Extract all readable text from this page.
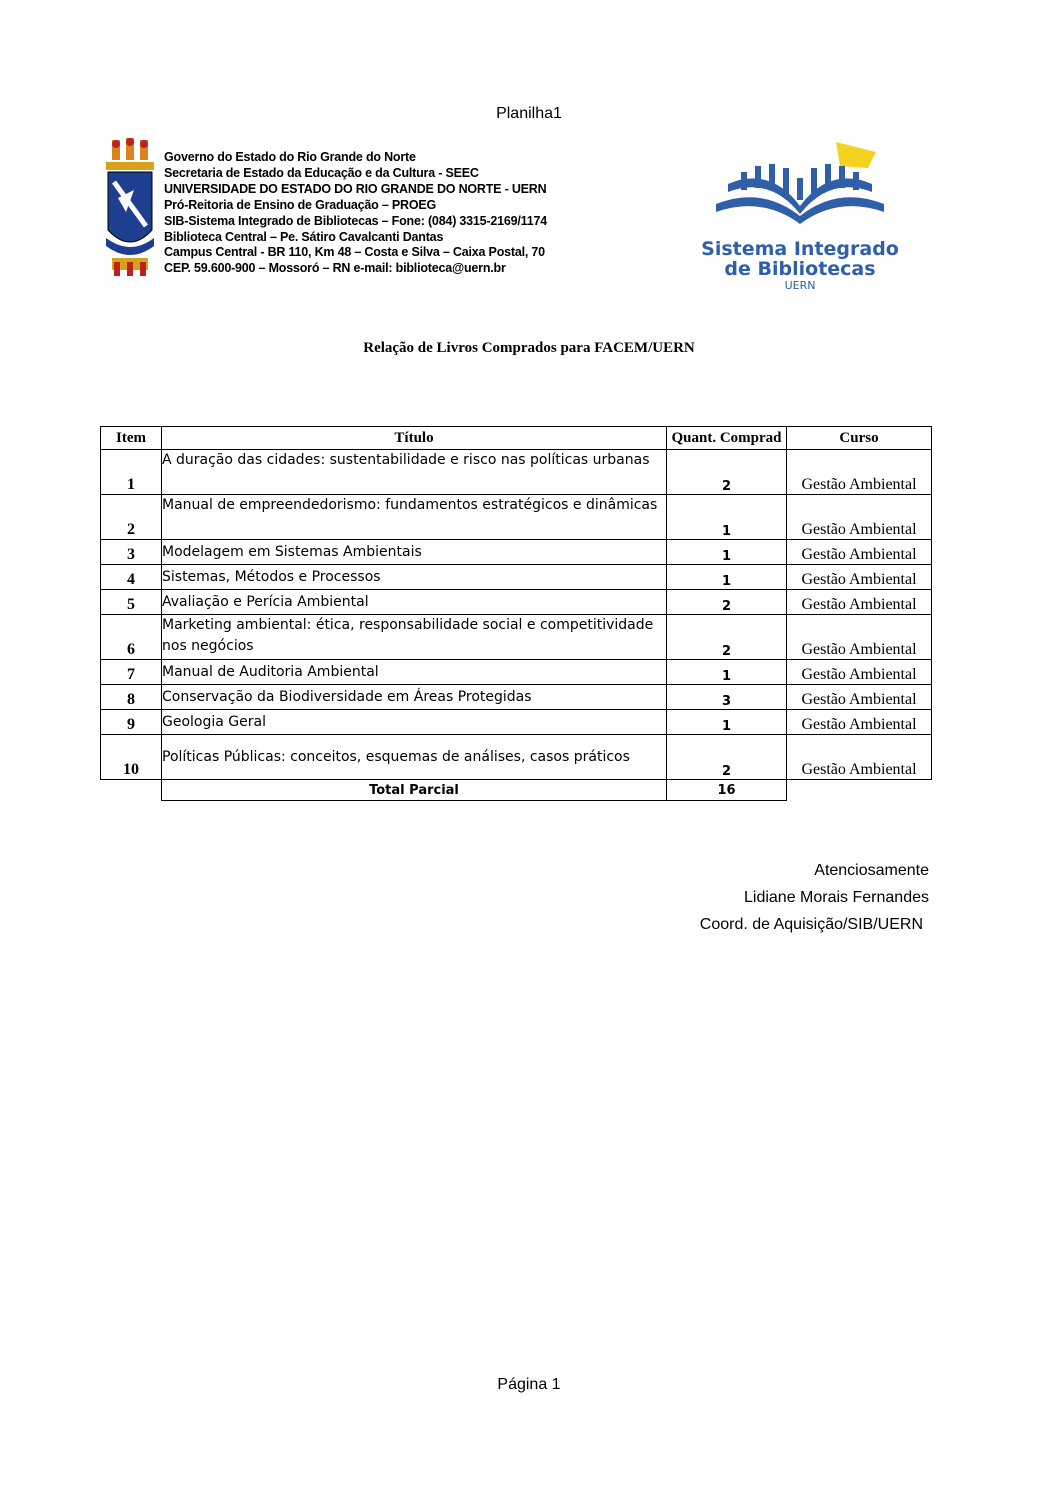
Planilha1
Governo do Estado do Rio Grande do Norte
Secretaria de Estado da Educação e da Cultura - SEEC
UNIVERSIDADE DO ESTADO DO RIO GRANDE DO NORTE - UERN
Pró-Reitoria de Ensino de Graduação – PROEG
SIB-Sistema Integrado de Bibliotecas – Fone: (084) 3315-2169/1174
Biblioteca Central – Pe. Sátiro Cavalcanti Dantas
Campus Central - BR 110, Km 48 – Costa e Silva – Caixa Postal, 70
CEP. 59.600-900 – Mossoró – RN e-mail: biblioteca@uern.br
Sistema Integrado
de Bibliotecas
UERN
Relação de Livros Comprados para FACEM/UERN
Item	Título	Quant. Comprad	Curso
1	A duração das cidades: sustentabilidade e risco nas políticas urbanas	2	Gestão Ambiental
2	Manual de empreendedorismo: fundamentos estratégicos e dinâmicas	1	Gestão Ambiental
3	Modelagem em Sistemas Ambientais	1	Gestão Ambiental
4	Sistemas, Métodos e Processos	1	Gestão Ambiental
5	Avaliação e Perícia Ambiental	2	Gestão Ambiental
6	Marketing ambiental: ética, responsabilidade social e competitividade nos negócios	2	Gestão Ambiental
7	Manual de Auditoria Ambiental	1	Gestão Ambiental
8	Conservação da Biodiversidade em Áreas Protegidas	3	Gestão Ambiental
9	Geologia Geral	1	Gestão Ambiental
10	Políticas Públicas: conceitos, esquemas de análises, casos práticos	2	Gestão Ambiental
	Total Parcial	16	
Atenciosamente
Lidiane Morais Fernandes
Coord. de Aquisição/SIB/UERN
Página 1
